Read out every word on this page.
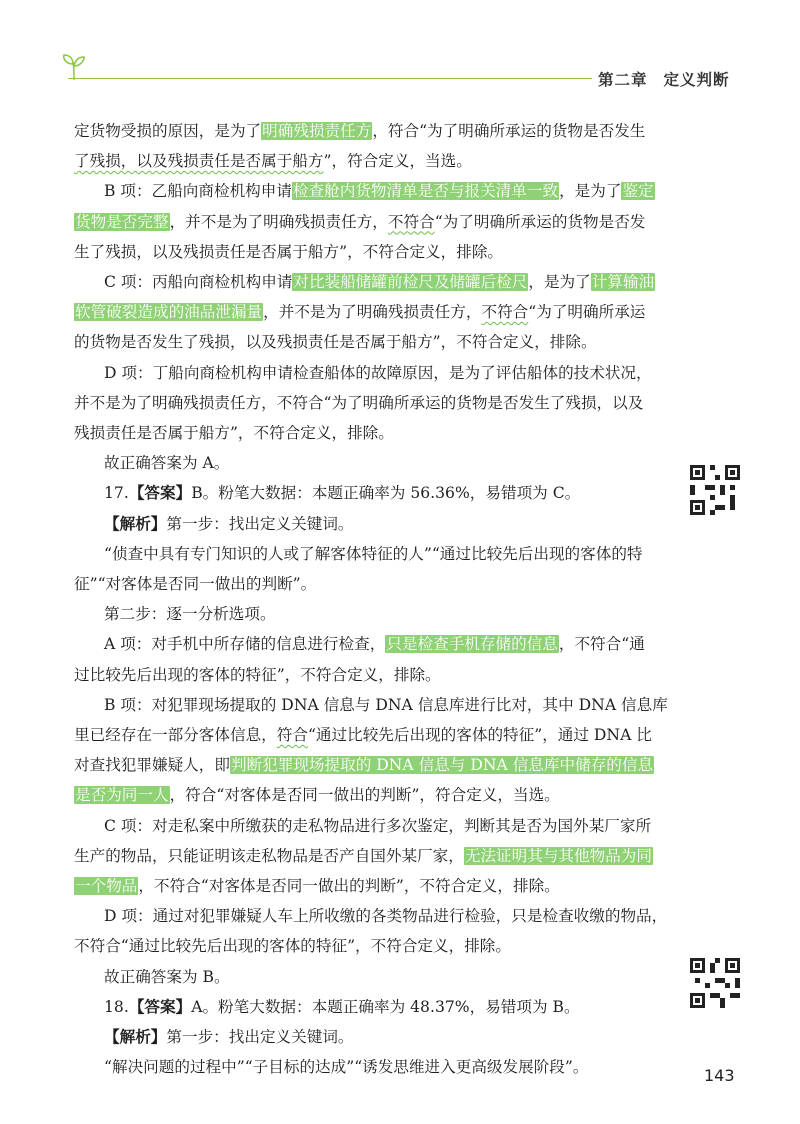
第二章 定义判断
定货物受损的原因，是为了明确残损责任方，符合“为了明确所承运的货物是否发生
了残损，以及残损责任是否属于船方”，符合定义，当选。
B 项：乙船向商检机构申请检查舱内货物清单是否与报关清单一致，是为了鉴定
货物是否完整，并不是为了明确残损责任方，不符合“为了明确所承运的货物是否发
生了残损，以及残损责任是否属于船方”，不符合定义，排除。
C 项：丙船向商检机构申请对比装船储罐前检尺及储罐后检尺，是为了计算输油
软管破裂造成的油品泄漏量，并不是为了明确残损责任方，不符合“为了明确所承运
的货物是否发生了残损，以及残损责任是否属于船方”，不符合定义，排除。
D 项：丁船向商检机构申请检查船体的故障原因，是为了评估船体的技术状况，
并不是为了明确残损责任方，不符合“为了明确所承运的货物是否发生了残损，以及
残损责任是否属于船方”，不符合定义，排除。
故正确答案为 A。
17.【答案】B。粉笔大数据：本题正确率为 56.36%，易错项为 C。
【解析】第一步：找出定义关键词。
“侦查中具有专门知识的人或了解客体特征的人”“通过比较先后出现的客体的特
征”“对客体是否同一做出的判断”。
第二步：逐一分析选项。
A 项：对手机中所存储的信息进行检查，只是检查手机存储的信息，不符合“通
过比较先后出现的客体的特征”，不符合定义，排除。
B 项：对犯罪现场提取的 DNA 信息与 DNA 信息库进行比对，其中 DNA 信息库
里已经存在一部分客体信息，符合“通过比较先后出现的客体的特征”，通过 DNA 比
对查找犯罪嫌疑人，即判断犯罪现场提取的 DNA 信息与 DNA 信息库中储存的信息
是否为同一人，符合“对客体是否同一做出的判断”，符合定义，当选。
C 项：对走私案中所缴获的走私物品进行多次鉴定，判断其是否为国外某厂家所
生产的物品，只能证明该走私物品是否产自国外某厂家，无法证明其与其他物品为同
一个物品，不符合“对客体是否同一做出的判断”，不符合定义，排除。
D 项：通过对犯罪嫌疑人车上所收缴的各类物品进行检验，只是检查收缴的物品，
不符合“通过比较先后出现的客体的特征”，不符合定义，排除。
故正确答案为 B。
18.【答案】A。粉笔大数据：本题正确率为 48.37%，易错项为 B。
【解析】第一步：找出定义关键词。
“解决问题的过程中”“子目标的达成”“诱发思维进入更高级发展阶段”。	143
